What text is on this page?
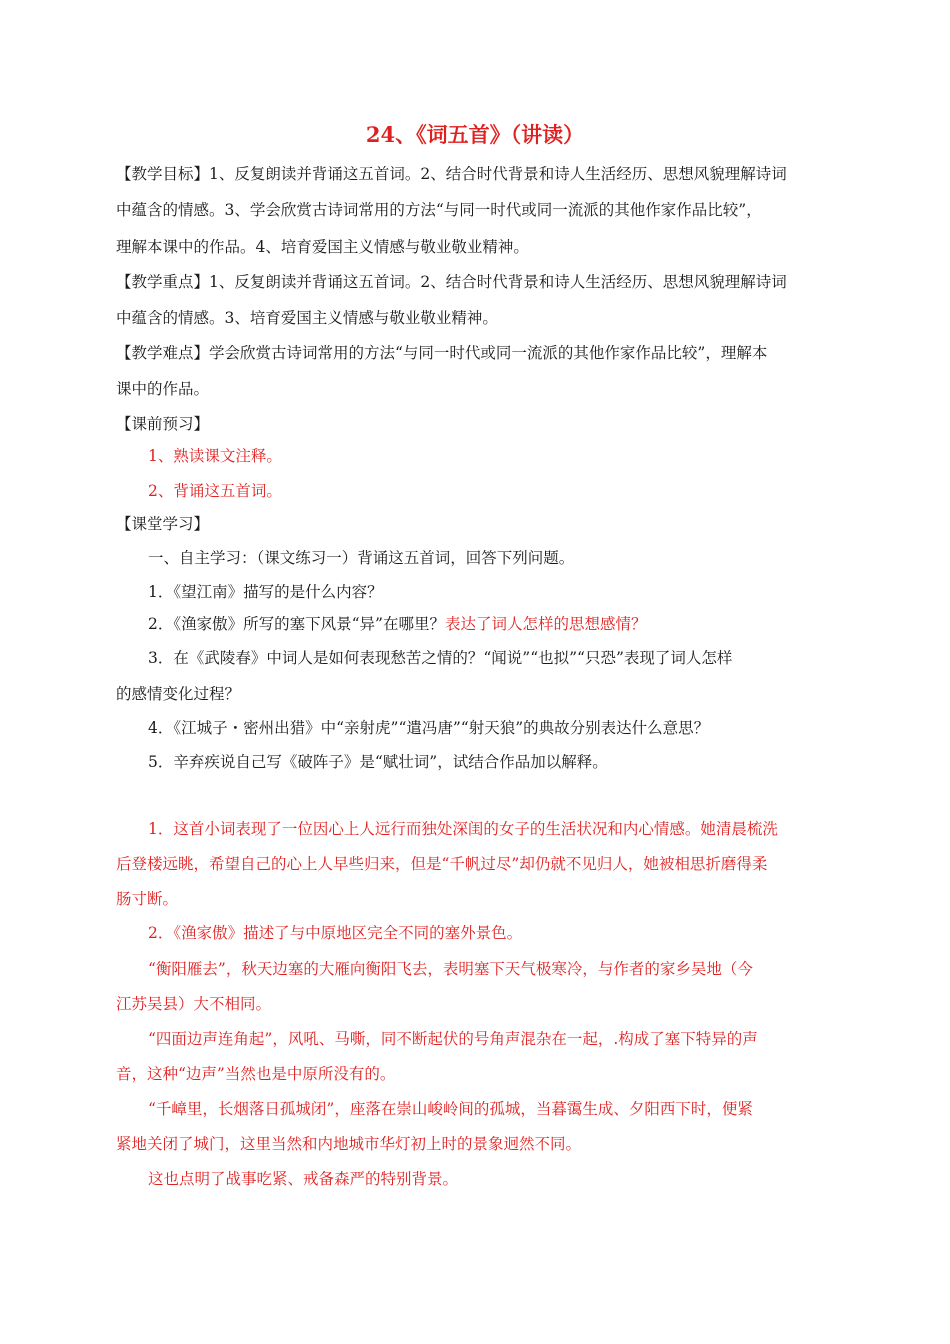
24、《词五首》（讲读）
【教学目标】1、反复朗读并背诵这五首词。2、结合时代背景和诗人生活经历、思想风貌理解诗词
中蕴含的情感。3、学会欣赏古诗词常用的方法“与同一时代或同一流派的其他作家作品比较”，
理解本课中的作品。4、培育爱国主义情感与敬业敬业精神。
【教学重点】1、反复朗读并背诵这五首词。2、结合时代背景和诗人生活经历、思想风貌理解诗词
中蕴含的情感。3、培育爱国主义情感与敬业敬业精神。
【教学难点】学会欣赏古诗词常用的方法“与同一时代或同一流派的其他作家作品比较”，理解本
课中的作品。
【课前预习】
1、熟读课文注释。
2、背诵这五首词。
【课堂学习】
一、自主学习：（课文练习一）背诵这五首词，回答下列问题。
1．《望江南》描写的是什么内容？
2．《渔家傲》所写的塞下风景“异”在哪里？表达了词人怎样的思想感情？
3．在《武陵春》中词人是如何表现愁苦之情的？“闻说”“也拟”“只恐”表现了词人怎样
的感情变化过程？
4．《江城子・密州出猎》中“亲射虎”“遣冯唐”“射天狼”的典故分别表达什么意思？
5．辛弃疾说自己写《破阵子》是“赋壮词”，试结合作品加以解释。
1．这首小词表现了一位因心上人远行而独处深闺的女子的生活状况和内心情感。她清晨梳洗
后登楼远眺，希望自己的心上人早些归来，但是“千帆过尽”却仍就不见归人，她被相思折磨得柔
肠寸断。
2．《渔家傲》描述了与中原地区完全不同的塞外景色。
“衡阳雁去”，秋天边塞的大雁向衡阳飞去，表明塞下天气极寒冷，与作者的家乡吴地（今
江苏吴县）大不相同。
“四面边声连角起”，风吼、马嘶，同不断起伏的号角声混杂在一起，.构成了塞下特异的声
音，这种“边声”当然也是中原所没有的。
“千嶂里，长烟落日孤城闭”，座落在崇山峻岭间的孤城，当暮霭生成、夕阳西下时，便紧
紧地关闭了城门，这里当然和内地城市华灯初上时的景象迥然不同。
这也点明了战事吃紧、戒备森严的特别背景。
